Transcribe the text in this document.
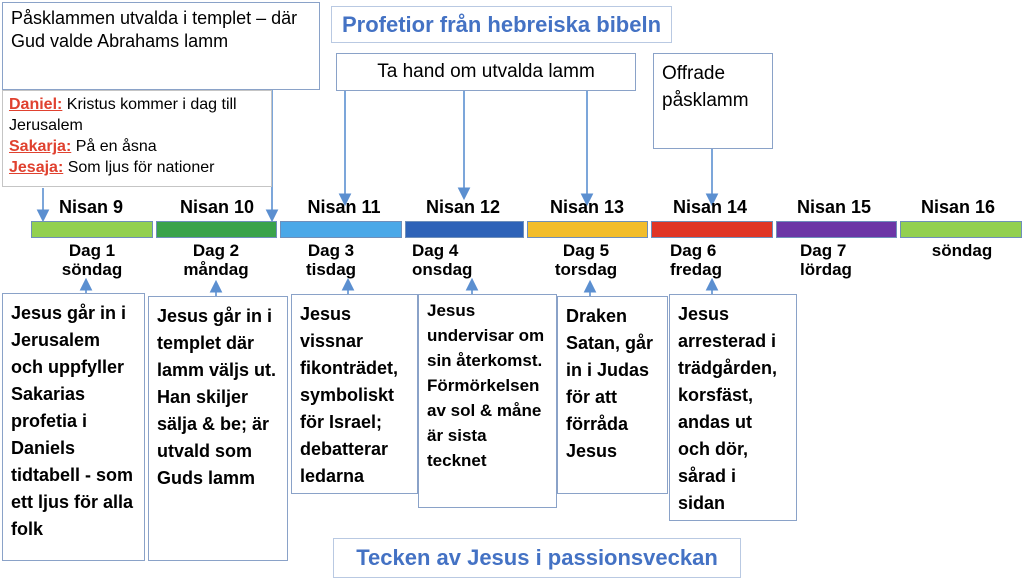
Profetior från hebreiska bibeln
Påsklammen utvalda i templet – där Gud valde Abrahams lamm
Daniel: Kristus kommer i dag till Jerusalem
Sakarja: På en åsna
Jesaja: Som ljus för nationer
Ta hand om utvalda lamm	Offrade påsklamm
Nisan 9	Nisan 10	Nisan 11	Nisan 12	Nisan 13	Nisan 14	Nisan 15	Nisan 16
Dag 1
söndag
Dag 2
måndag
Dag 3
tisdag
Dag 4
onsdag
Dag 5
torsdag
Dag 6
fredag
Dag 7
lördag
söndag
Jesus går in i Jerusalem och uppfyller Sakarias profetia i Daniels tidtabell - som ett ljus för alla folk
Jesus går in i templet där lamm väljs ut. Han skiljer sälja & be; är utvald som Guds lamm
Jesus vissnar fikonträdet, symboliskt för Israel; debatterar ledarna
Jesus undervisar om sin återkomst. Förmörkelsen av sol & måne är sista tecknet
Draken Satan, går in i Judas för att förråda Jesus
Jesus arresterad i trädgården, korsfäst, andas ut och dör, sårad i sidan
Tecken av Jesus i passionsveckan
